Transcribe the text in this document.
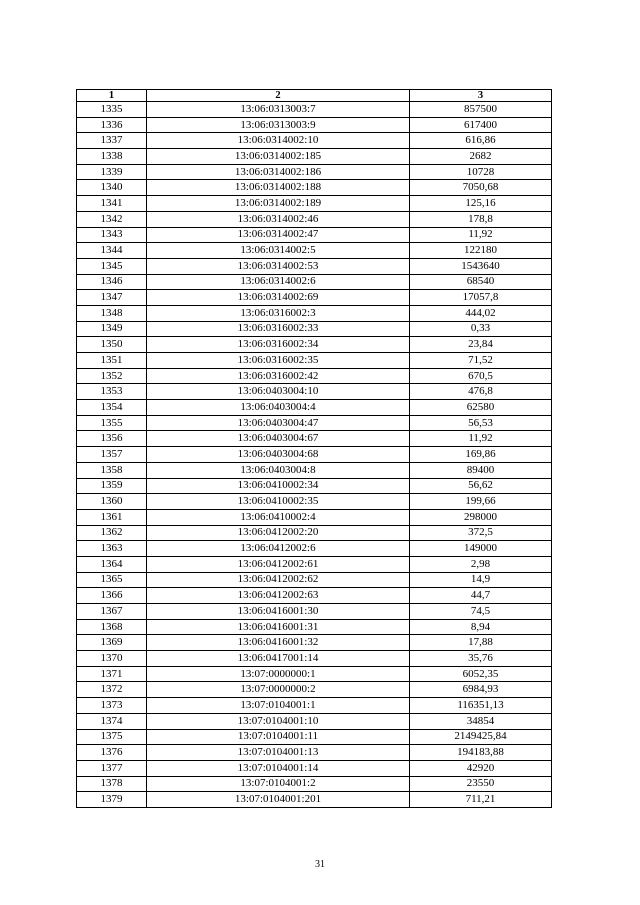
1	2	3
1335	13:06:0313003:7	857500
1336	13:06:0313003:9	617400
1337	13:06:0314002:10	616,86
1338	13:06:0314002:185	2682
1339	13:06:0314002:186	10728
1340	13:06:0314002:188	7050,68
1341	13:06:0314002:189	125,16
1342	13:06:0314002:46	178,8
1343	13:06:0314002:47	11,92
1344	13:06:0314002:5	122180
1345	13:06:0314002:53	1543640
1346	13:06:0314002:6	68540
1347	13:06:0314002:69	17057,8
1348	13:06:0316002:3	444,02
1349	13:06:0316002:33	0,33
1350	13:06:0316002:34	23,84
1351	13:06:0316002:35	71,52
1352	13:06:0316002:42	670,5
1353	13:06:0403004:10	476,8
1354	13:06:0403004:4	62580
1355	13:06:0403004:47	56,53
1356	13:06:0403004:67	11,92
1357	13:06:0403004:68	169,86
1358	13:06:0403004:8	89400
1359	13:06:0410002:34	56,62
1360	13:06:0410002:35	199,66
1361	13:06:0410002:4	298000
1362	13:06:0412002:20	372,5
1363	13:06:0412002:6	149000
1364	13:06:0412002:61	2,98
1365	13:06:0412002:62	14,9
1366	13:06:0412002:63	44,7
1367	13:06:0416001:30	74,5
1368	13:06:0416001:31	8,94
1369	13:06:0416001:32	17,88
1370	13:06:0417001:14	35,76
1371	13:07:0000000:1	6052,35
1372	13:07:0000000:2	6984,93
1373	13:07:0104001:1	116351,13
1374	13:07:0104001:10	34854
1375	13:07:0104001:11	2149425,84
1376	13:07:0104001:13	194183,88
1377	13:07:0104001:14	42920
1378	13:07:0104001:2	23550
1379	13:07:0104001:201	711,21
31
